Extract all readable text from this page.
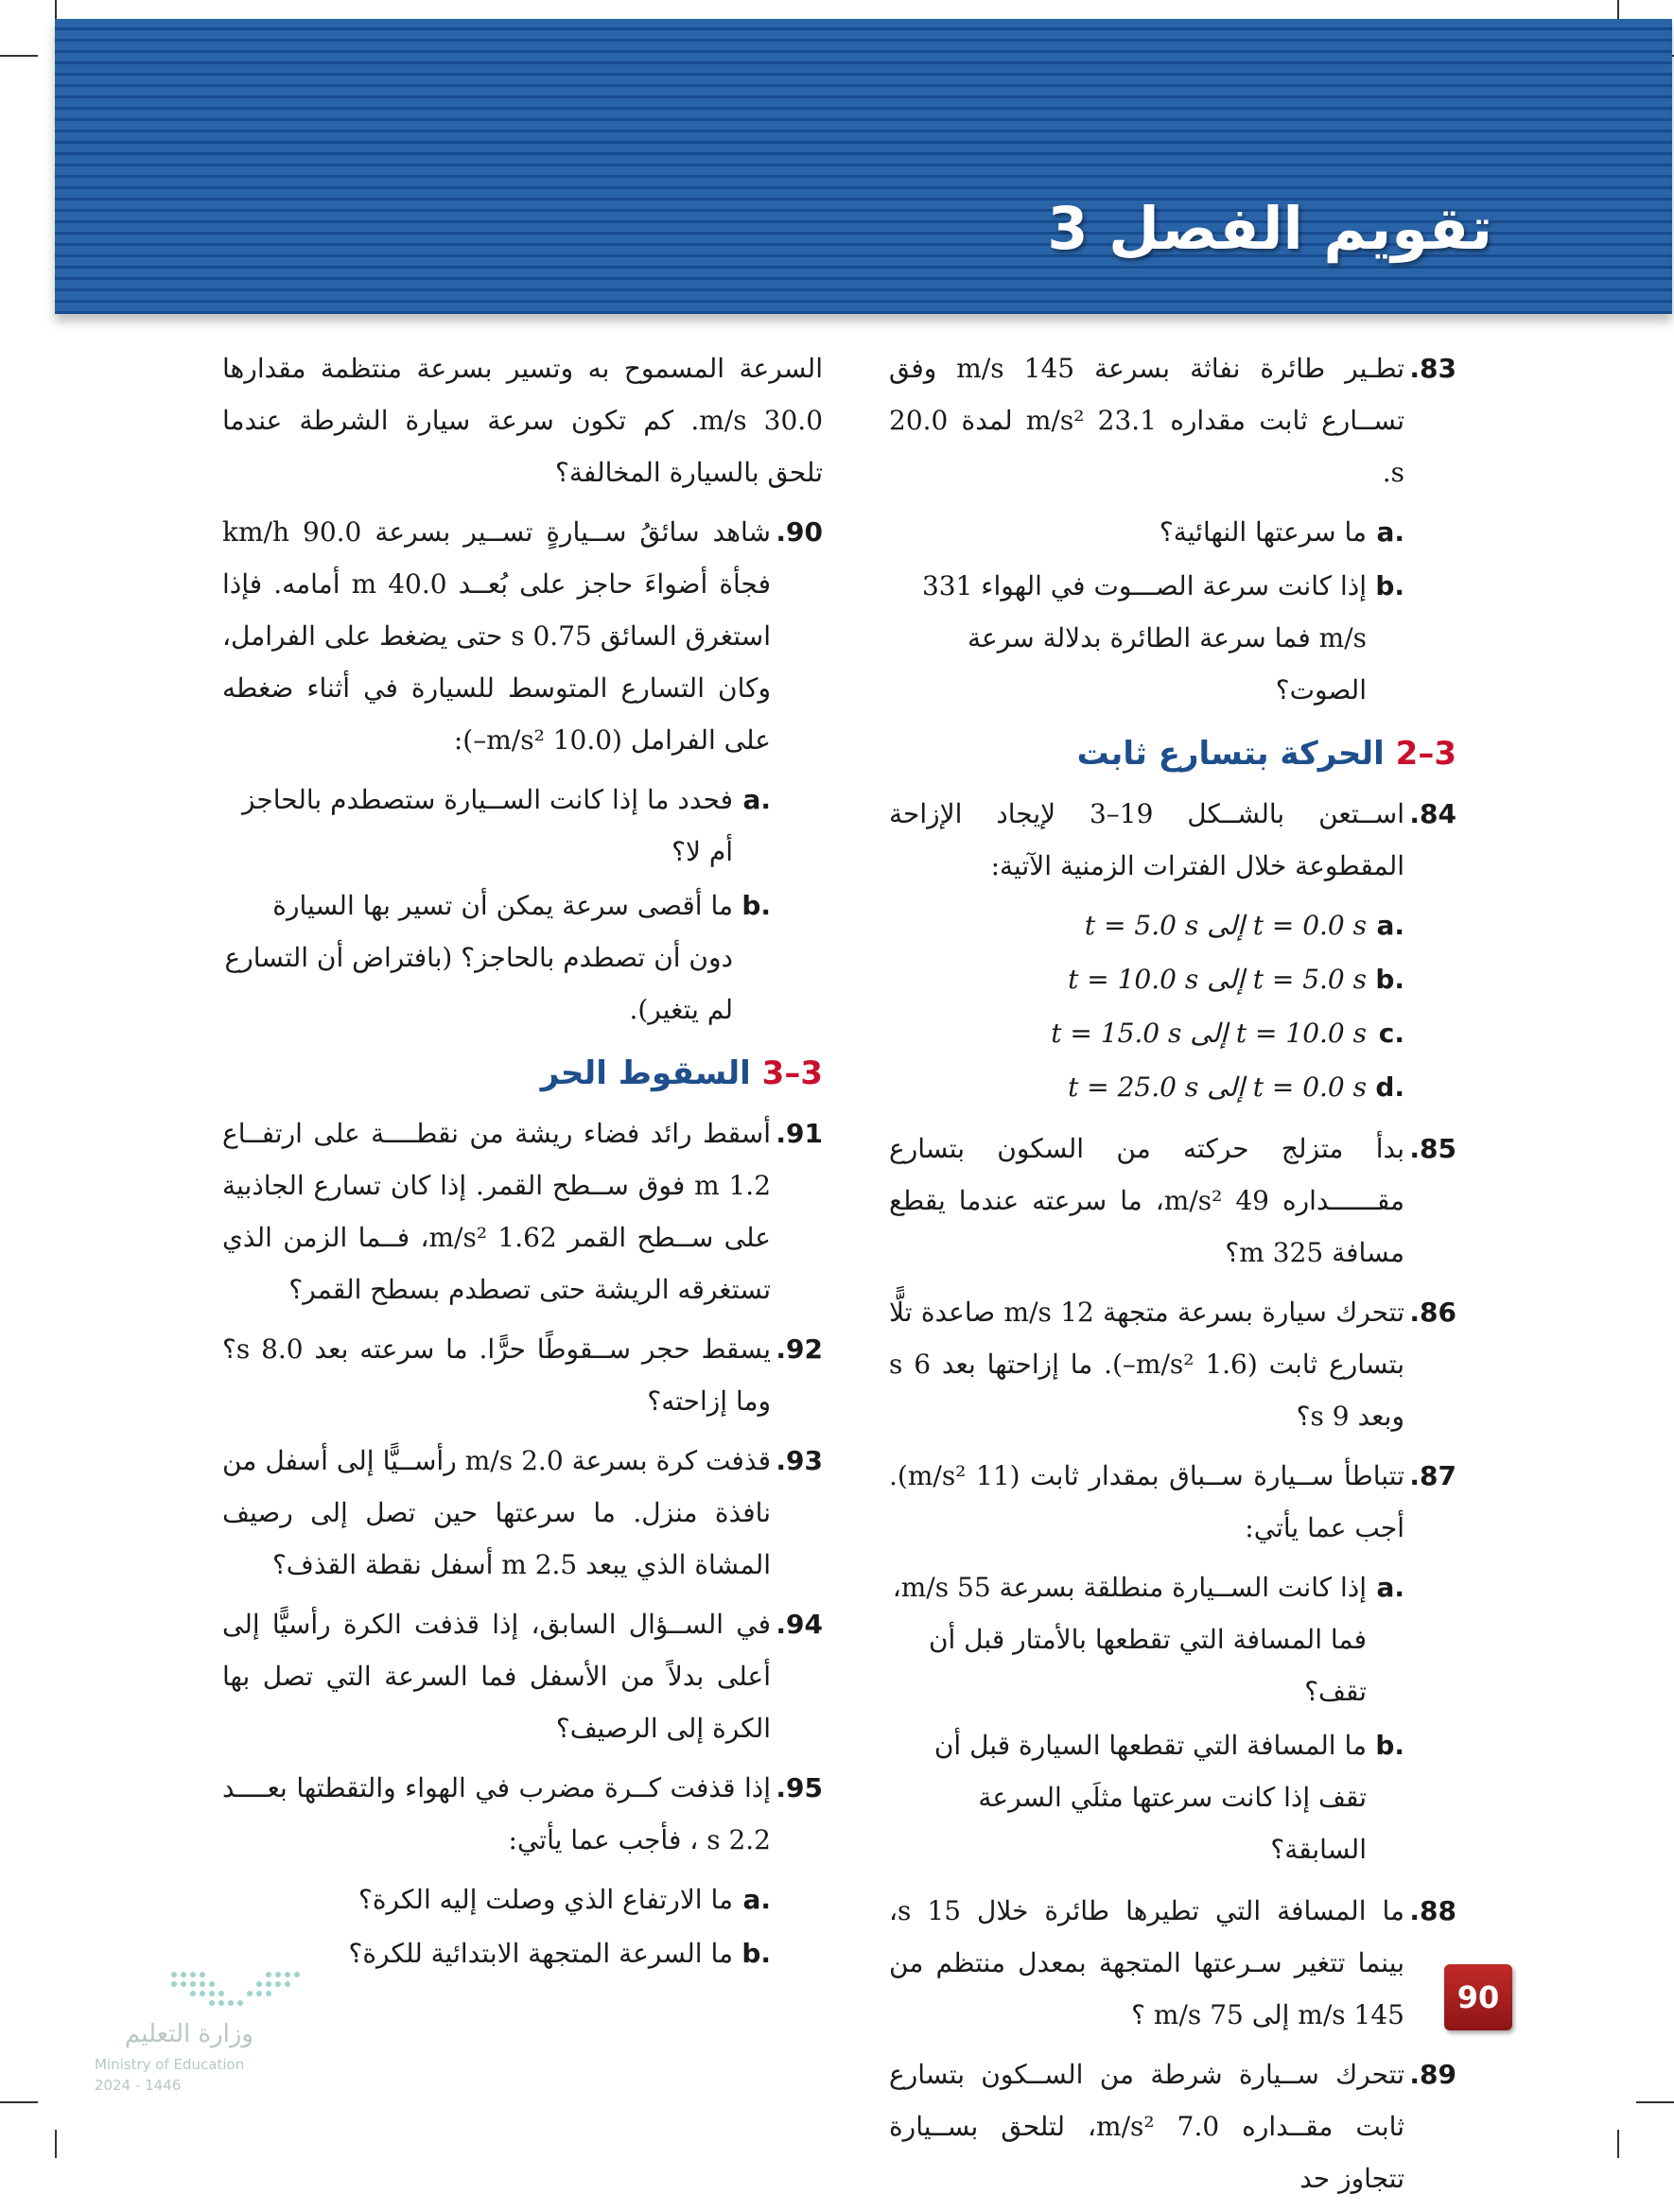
تقويم الفصل 3
.83
تطـير طائرة نفاثة بسرعة 145 m/s وفق تســارع ثابت مقداره 23.1 m/s² لمدة 20.0 s.
.a
ما سرعتها النهائية؟
.b
إذا كانت سرعة الصـــوت في الهواء 331 m/s فما سرعة الطائرة بدلالة سرعة الصوت؟
3–2 الحركة بتسارع ثابت
.84
اســتعن بالشــكل 19–3 لإيجاد الإزاحة المقطوعة خلال الفترات الزمنية الآتية:
.a
t = 0.0 s إلى t = 5.0 s
.b
t = 5.0 s إلى t = 10.0 s
.c
t = 10.0 s إلى t = 15.0 s
.d
t = 0.0 s إلى t = 25.0 s
.85
بدأ متزلج حركته من السكون بتسارع مقــــــداره 49 m/s²، ما سرعته عندما يقطع مسافة 325 m؟
.86
تتحرك سيارة بسرعة متجهة 12 m/s صاعدة تلًّا بتسارع ثابت (1.6 m/s²–). ما إزاحتها بعد 6 s وبعد 9 s؟
.87
تتباطأ ســيارة ســباق بمقدار ثابت (11 m/s²). أجب عما يأتي:
.a
إذا كانت الســيارة منطلقة بسرعة 55 m/s، فما المسافة التي تقطعها بالأمتار قبل أن تقف؟
.b
ما المسافة التي تقطعها السيارة قبل أن تقف إذا كانت سرعتها مثلَي السرعة السابقة؟
.88
ما المسافة التي تطيرها طائرة خلال 15 s، بينما تتغير سـرعتها المتجهة بمعدل منتظم من 145 m/s إلى 75 m/s ؟
.89
تتحرك ســيارة شرطة من الســكون بتسارع ثابت مقــداره 7.0 m/s²، لتلحق بســيارة تتجاوز حد
السرعة المسموح به وتسير بسرعة منتظمة مقدارها 30.0 m/s. كم تكون سرعة سيارة الشرطة عندما تلحق بالسيارة المخالفة؟
.90
شاهد سائقُ ســيارةٍ تســير بسرعة 90.0 km/h فجأة أضواءَ حاجز على بُعــد 40.0 m أمامه. فإذا استغرق السائق 0.75 s حتى يضغط على الفرامل، وكان التسارع المتوسط للسيارة في أثناء ضغطه على الفرامل (10.0 m/s²–):
.a
فحدد ما إذا كانت الســيارة ستصطدم بالحاجز أم لا؟
.b
ما أقصى سرعة يمكن أن تسير بها السيارة دون أن تصطدم بالحاجز؟ (بافتراض أن التسارع لم يتغير).
3–3 السقوط الحر
.91
أسقط رائد فضاء ريشة من نقطــــة على ارتفــاع 1.2 m فوق ســطح القمر. إذا كان تسارع الجاذبية على ســطح القمر 1.62 m/s²، فــما الزمن الذي تستغرقه الريشة حتى تصطدم بسطح القمر؟
.92
يسقط حجر ســقوطًا حرًّا. ما سرعته بعد 8.0 s؟ وما إزاحته؟
.93
قذفت كرة بسرعة 2.0 m/s رأســيًّا إلى أسفل من نافذة منزل. ما سرعتها حين تصل إلى رصيف المشاة الذي يبعد 2.5 m أسفل نقطة القذف؟
.94
في الســؤال السابق، إذا قذفت الكرة رأسيًّا إلى أعلى بدلاً من الأسفل فما السرعة التي تصل بها الكرة إلى الرصيف؟
.95
إذا قذفت كــرة مضرب في الهواء والتقطتها بعــــد 2.2 s ، فأجب عما يأتي:
.a
ما الارتفاع الذي وصلت إليه الكرة؟
.b
ما السرعة المتجهة الابتدائية للكرة؟
90
وزارة التعليم
Ministry of Education
2024 - 1446
